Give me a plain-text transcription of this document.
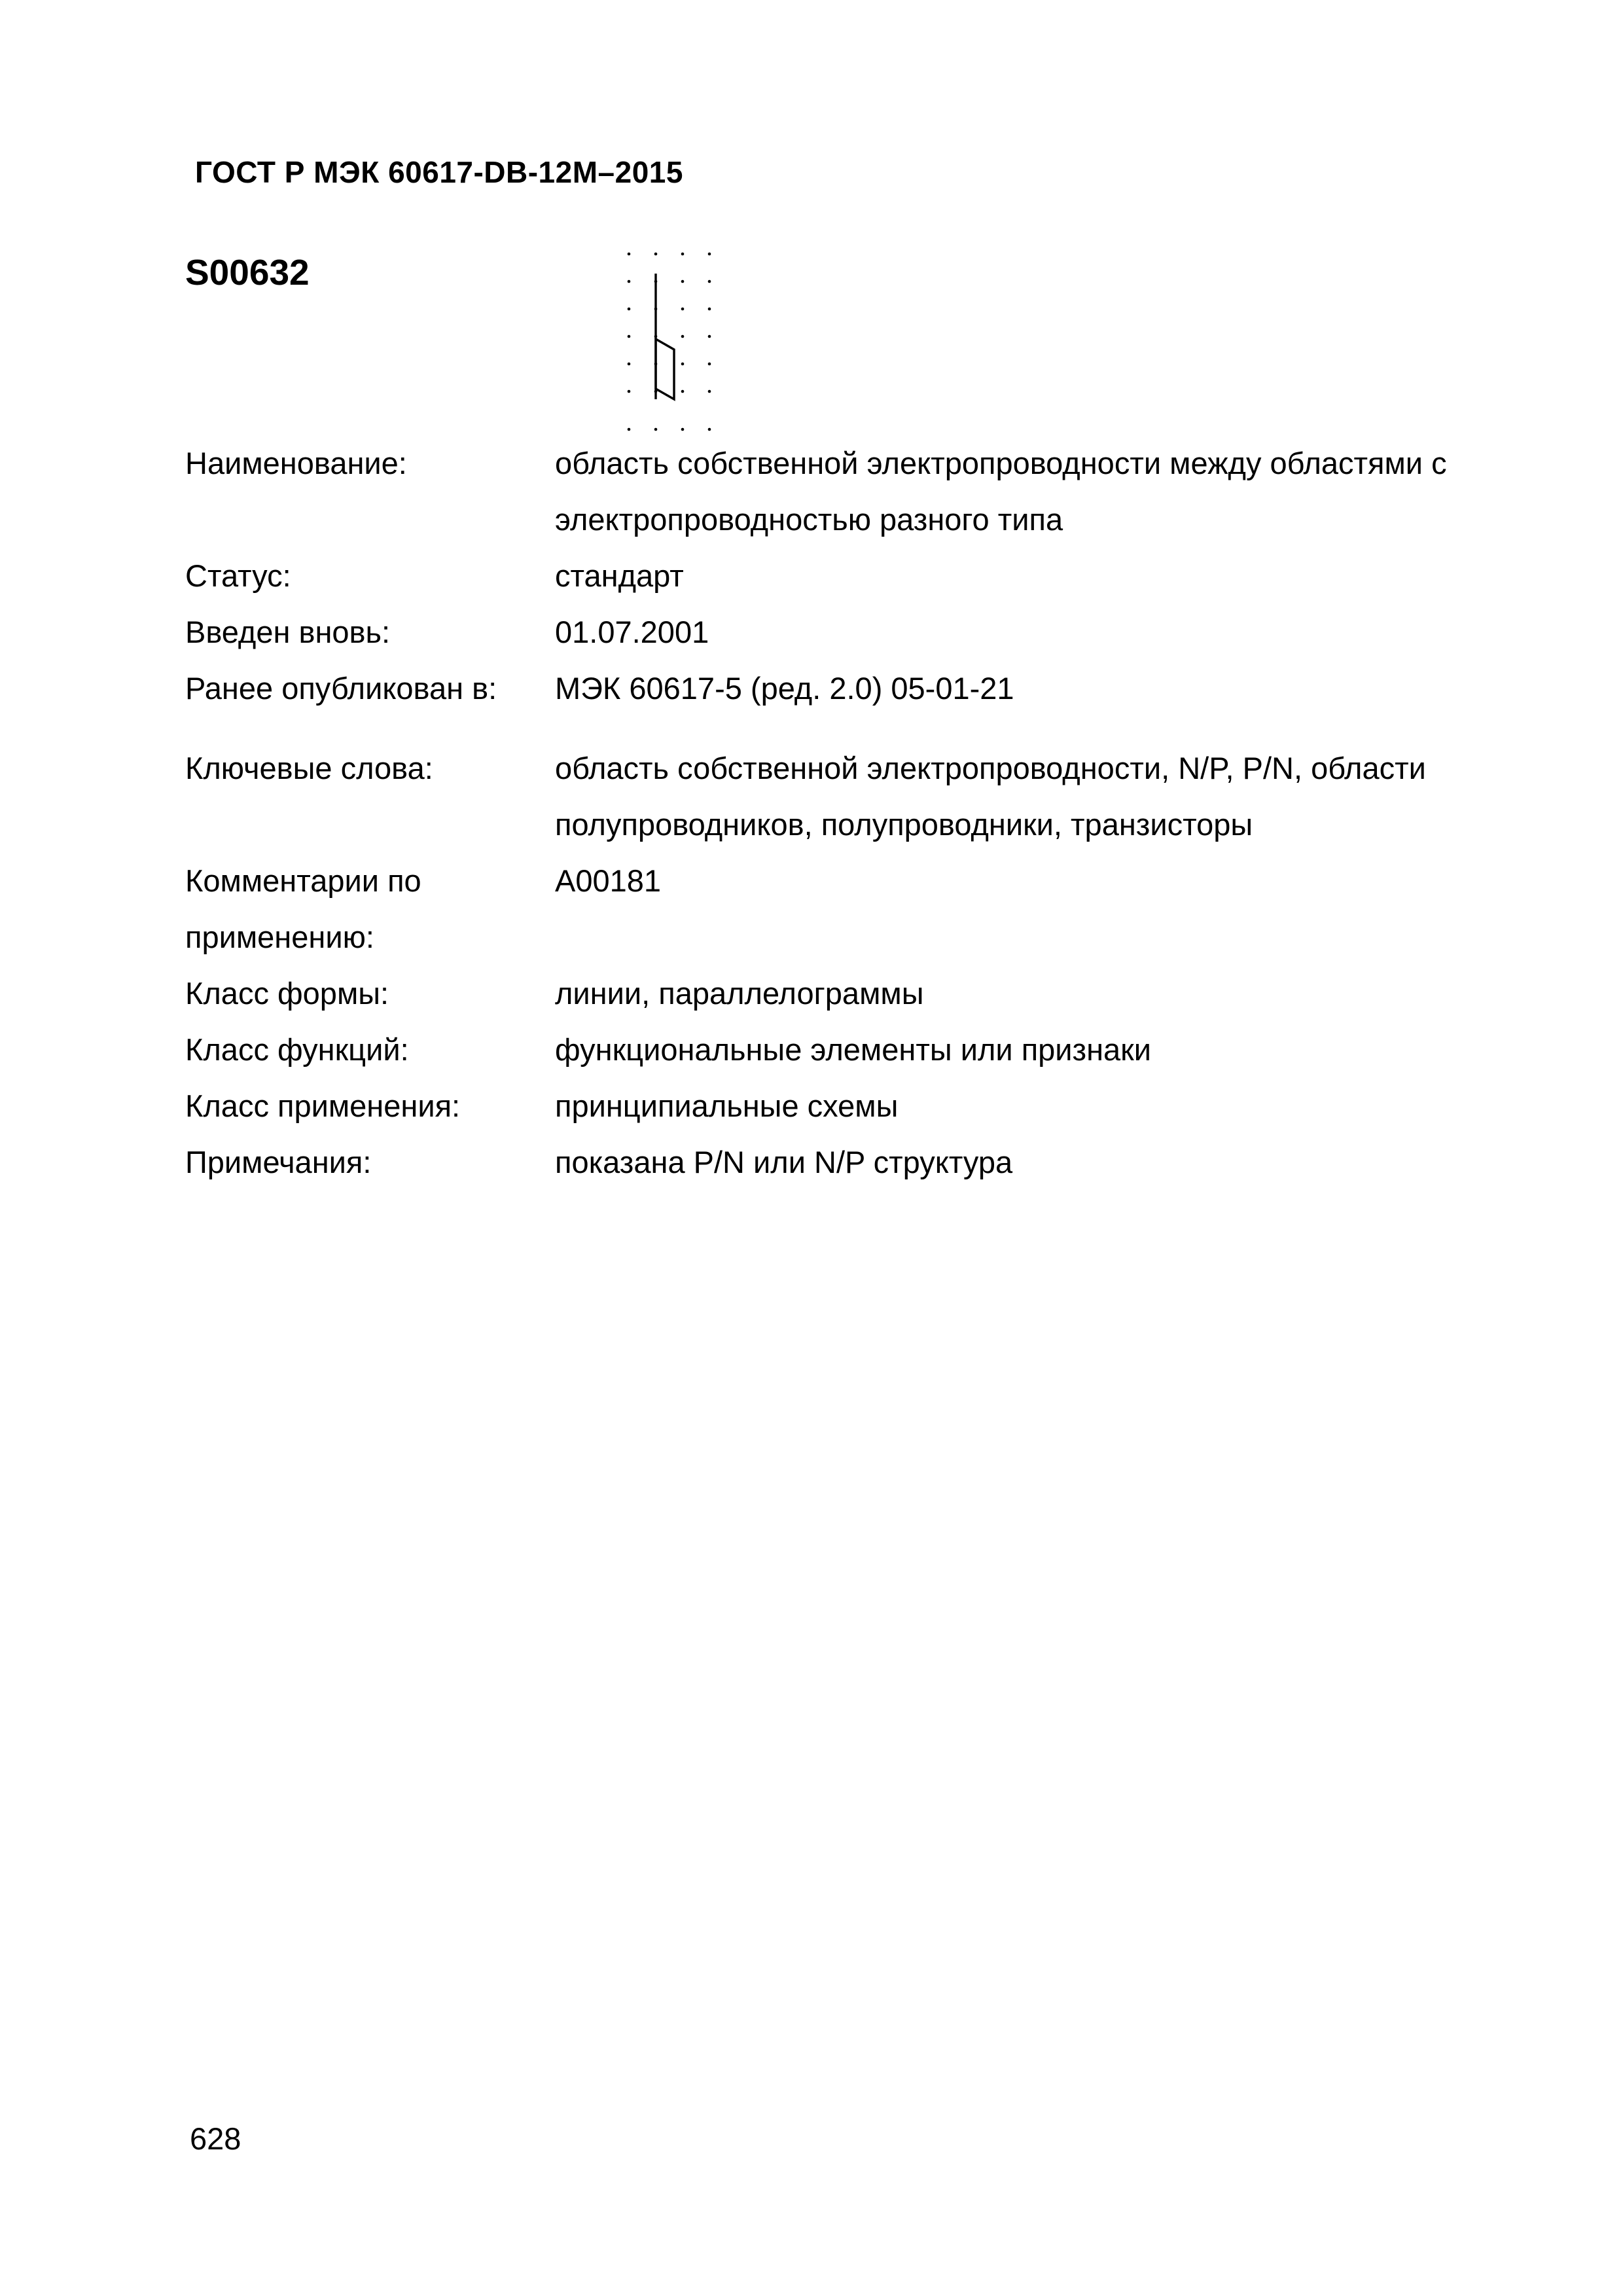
ГОСТ Р МЭК 60617-DB-12M–2015
S00632
Наименование:	область собственной электропроводности между областями с электропроводностью разного типа
Статус:	стандарт
Введен вновь:	01.07.2001
Ранее опубликован в:	МЭК 60617-5 (ред. 2.0) 05-01-21
Ключевые слова:	область собственной электропроводности, N/P, P/N, области полупроводников, полупроводники, транзисторы
Комментарии по применению:
A00181
Класс формы:	линии, параллелограммы
Класс функций:	функциональные элементы или признаки
Класс применения:	принципиальные схемы
Примечания:	показана P/N или N/P структура
628
